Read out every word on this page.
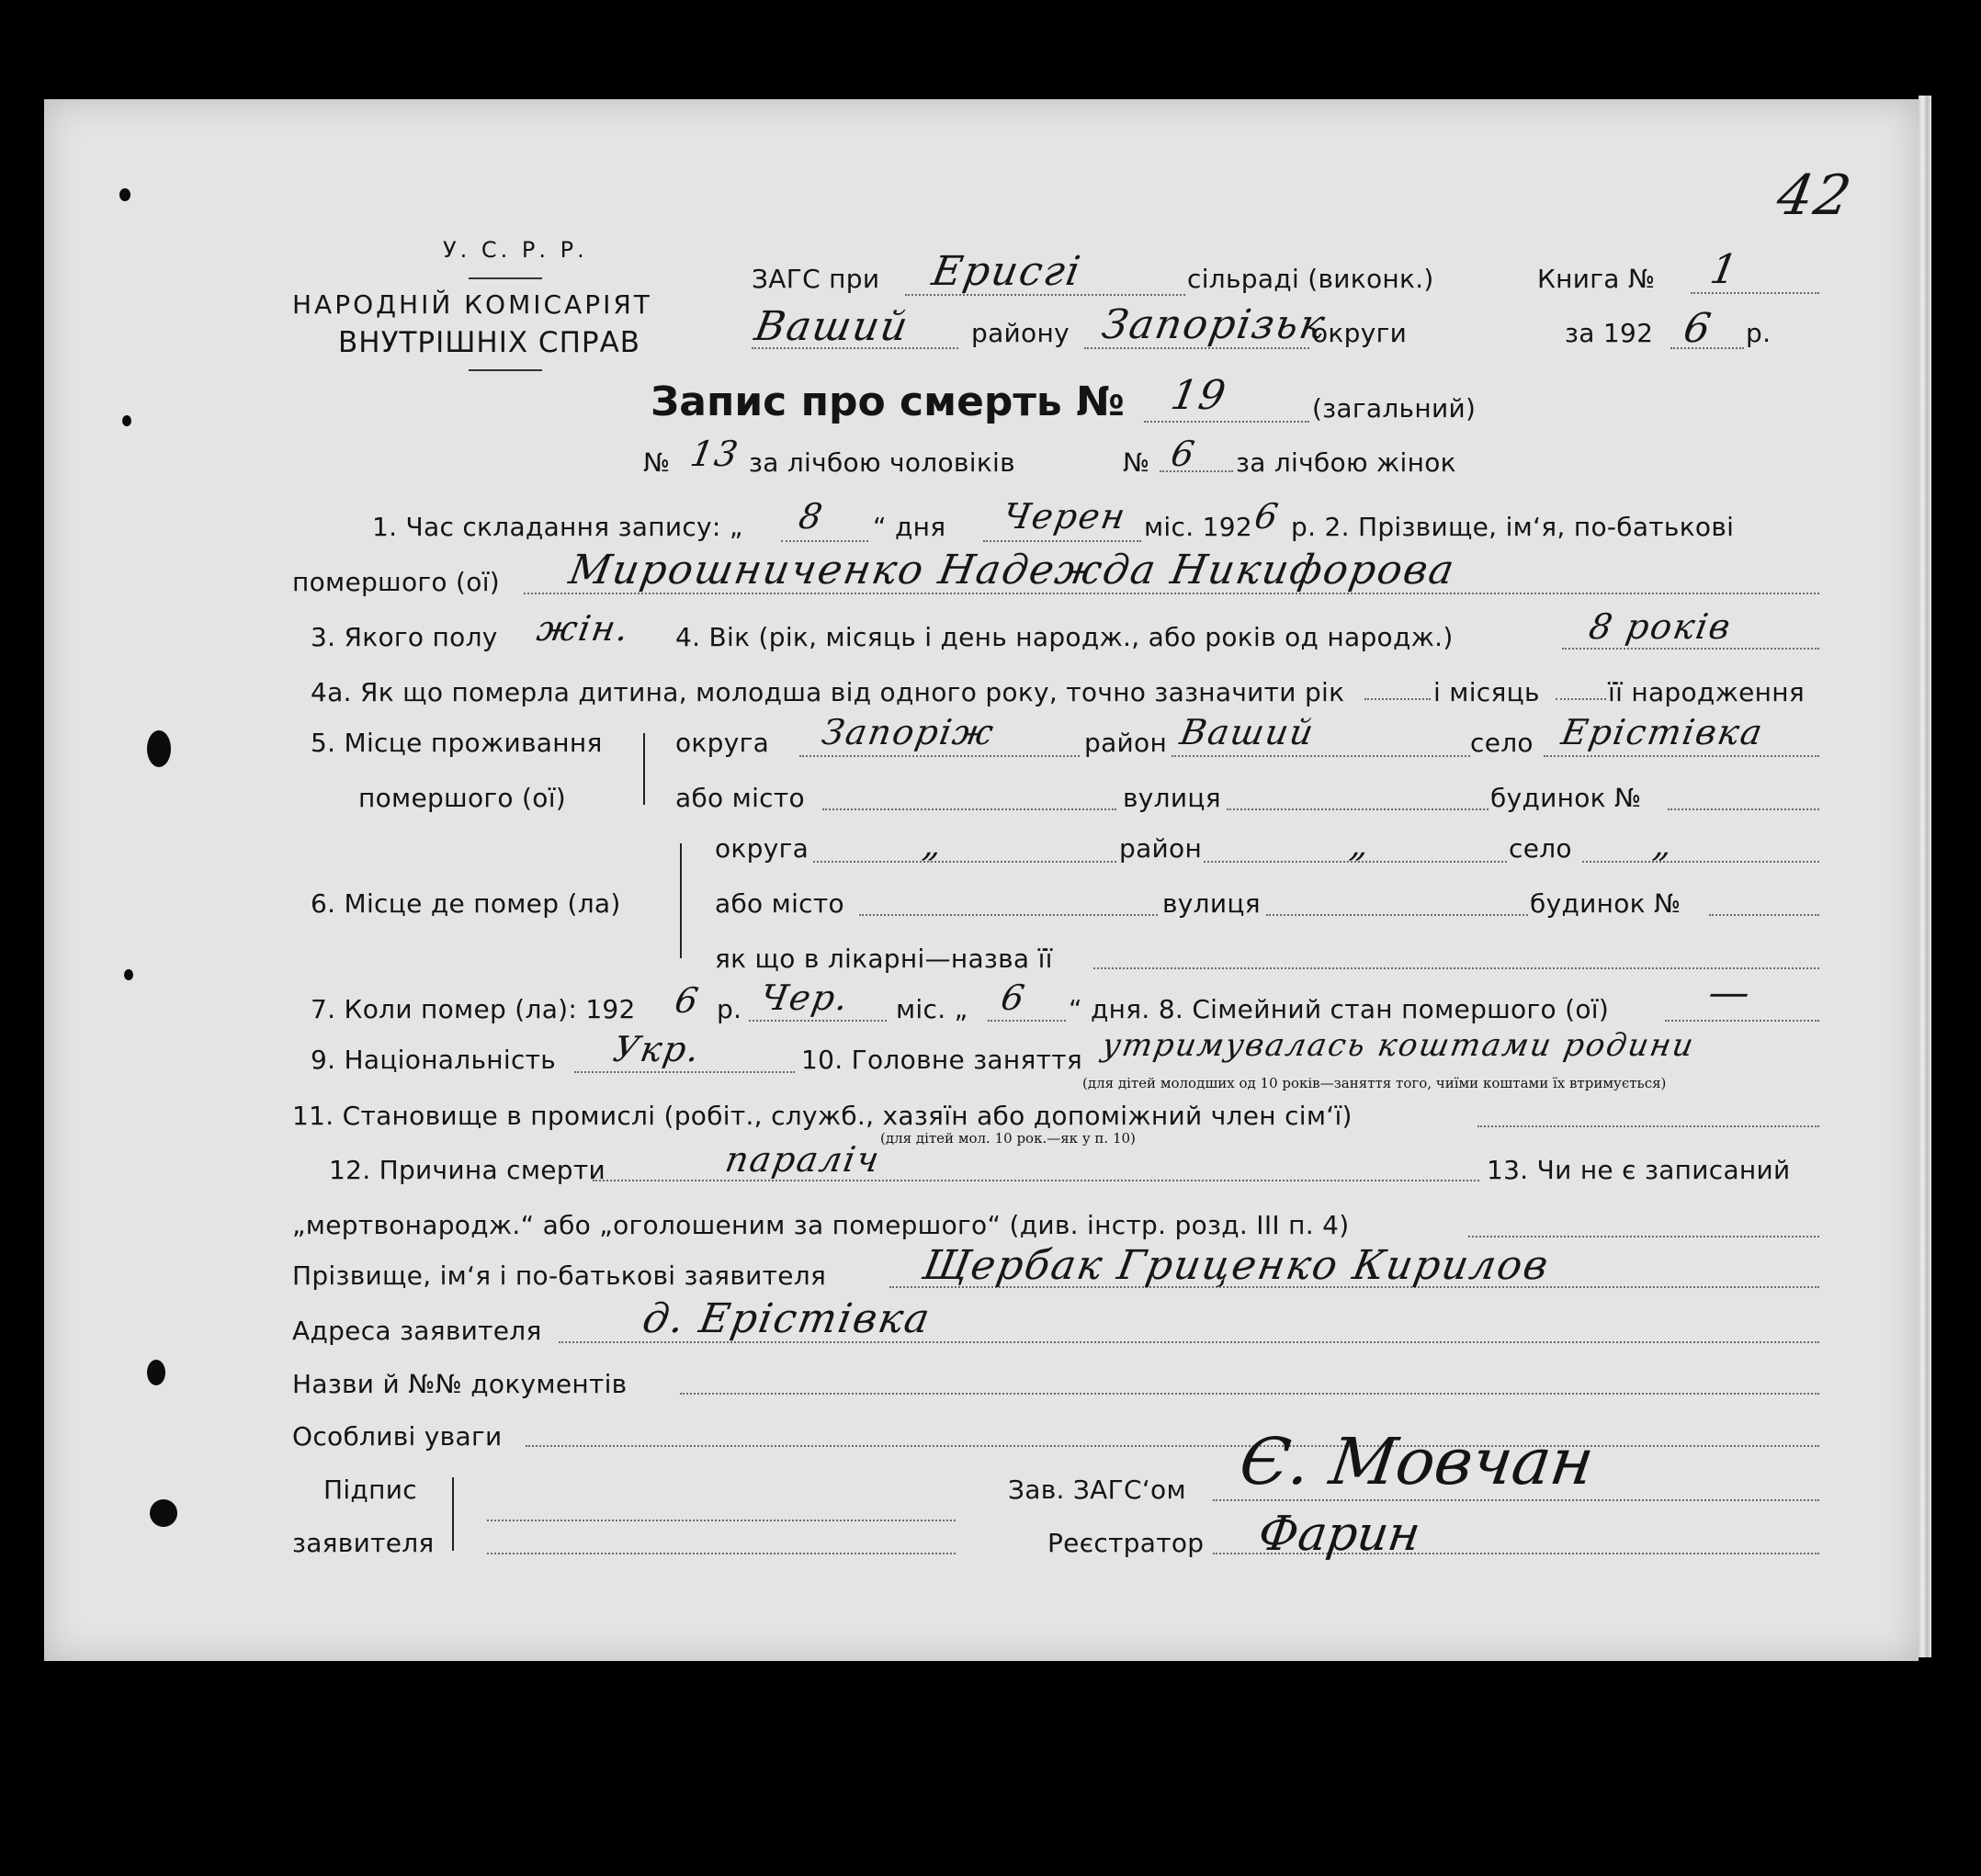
42
У. С. Р. Р.
НАРОДНІЙ КОМІСАРІЯТ
ВНУТРІШНІХ СПРАВ
ЗАГС при Ерисгі	сільраді (виконк.)
Ваший району Запорізьк
округи
Книга № 1
за 192 6 р.
Запис про смерть № 19	(загальний)
№ 13 за лічбою чоловіків	№ 6 за лічбою жінок
1. Час складання запису: „ 8 “ дня Черен міс. 192 6 р. 2. Прізвище, ім‘я, по-батькові
помершого (ої) Мирошниченко Надежда Никифорова
3. Якого полу жін. 4. Вік (рік, місяць і день народж., або років од народж.)	8 років
4а. Як що померла дитина, молодша від одного року, точно зазначити рік	і місяць	її народження
5. Місце проживання
помершого (ої)
округа Запоріж	район Ваший	село Ерістівка
або місто	вулиця	будинок №
6. Місце де помер (ла)
округа	„	район	„	село „
або місто	вулиця	будинок №
як що в лікарні—назва її
7. Коли помер (ла): 192 6 р. Чер. міс. „ 6 “ дня. 8. Сімейний стан помершого (ої) —
9. Національність Укр.	10. Головне заняття утримувалась коштами родини
(для дітей молодших од 10 років—заняття того, чиїми коштами їх втримується)
11. Становище в промислі (робіт., служб., хазяїн або допоміжний член сім‘ї)
(для дітей мол. 10 рок.—як у п. 10)
12. Причина смерти	параліч	13. Чи не є записаний
„мертвонародж.“ або „оголошеним за помершого“ (див. інстр. розд. III п. 4)
Прізвище, ім‘я і по-батькові заявителя Щербак Гриценко Кирилов
Адреса заявителя д. Ерістівка
Назви й №№ документів
Особливі уваги
Підпис
заявителя
Зав. ЗАГС‘ом Є. Мовчан
Реєстратор Фарин
